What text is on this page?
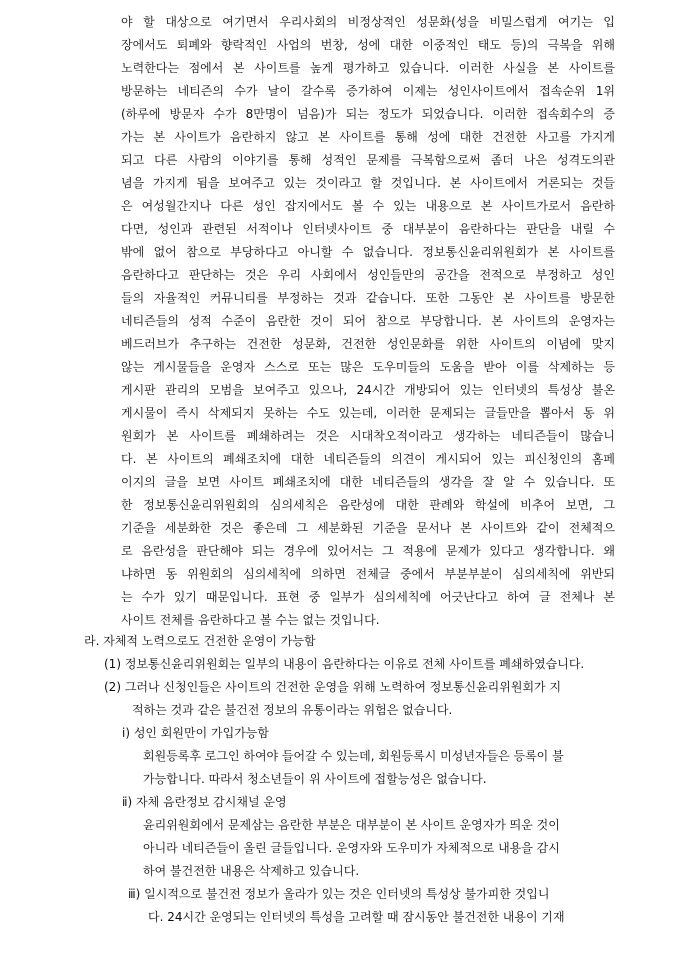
야 할 대상으로 여기면서 우리사회의 비정상적인 성문화(성을 비밀스럽게 여기는 입
장에서도 퇴폐와 향락적인 사업의 번창, 성에 대한 이중적인 태도 등)의 극복을 위해
노력한다는 점에서 본 사이트를 높게 평가하고 있습니다. 이러한 사실을 본 사이트를
방문하는 네티즌의 수가 날이 갈수록 증가하여 이제는 성인사이트에서 접속순위 1위
(하루에 방문자 수가 8만명이 넘음)가 되는 정도가 되었습니다. 이러한 접속회수의 증
가는 본 사이트가 음란하지 않고 본 사이트를 통해 성에 대한 건전한 사고를 가지게
되고 다른 사람의 이야기를 통해 성적인 문제를 극복함으로써 좀더 나은 성격도의관
념을 가지게 됨을 보여주고 있는 것이라고 할 것입니다. 본 사이트에서 거론되는 것들
은 여성월간지나 다른 성인 잡지에서도 볼 수 있는 내용으로 본 사이트가로서 음란하
다면, 성인과 관련된 서적이나 인터넷사이트 중 대부분이 음란하다는 판단을 내릴 수
밖에 없어 참으로 부당하다고 아니할 수 없습니다. 정보통신윤리위원회가 본 사이트를
음란하다고 판단하는 것은 우리 사회에서 성인들만의 공간을 전적으로 부정하고 성인
들의 자율적인 커뮤니티를 부정하는 것과 같습니다. 또한 그동안 본 사이트를 방문한
네티즌들의 성적 수준이 음란한 것이 되어 참으로 부당합니다. 본 사이트의 운영자는
베드러브가 추구하는 건전한 성문화, 건전한 성인문화를 위한 사이트의 이념에 맞지
않는 게시물들을 운영자 스스로 또는 많은 도우미들의 도움을 받아 이를 삭제하는 등
게시판 관리의 모범을 보여주고 있으나, 24시간 개방되어 있는 인터넷의 특성상 불온
게시물이 즉시 삭제되지 못하는 수도 있는데, 이러한 문제되는 글들만을 뽑아서 동 위
원회가 본 사이트를 폐쇄하려는 것은 시대착오적이라고 생각하는 네티즌들이 많습니
다. 본 사이트의 폐쇄조치에 대한 네티즌들의 의견이 게시되어 있는 피신청인의 홈페
이지의 글을 보면 사이트 폐쇄조치에 대한 네티즌들의 생각을 잘 알 수 있습니다. 또
한 정보통신윤리위원회의 심의세칙은 음란성에 대한 판례와 학설에 비추어 보면, 그
기준을 세분화한 것은 좋은데 그 세분화된 기준을 문서나 본 사이트와 같이 전체적으
로 음란성을 판단해야 되는 경우에 있어서는 그 적용에 문제가 있다고 생각합니다. 왜
냐하면 동 위원회의 심의세칙에 의하면 전체글 중에서 부분부분이 심의세칙에 위반되
는 수가 있기 때문입니다. 표현 중 일부가 심의세칙에 어긋난다고 하여 글 전체나 본
사이트 전체를 음란하다고 볼 수는 없는 것입니다.
라. 자체적 노력으로도 건전한 운영이 가능함
(1) 정보통신윤리위원회는 일부의 내용이 음란하다는 이유로 전체 사이트를 폐쇄하였습니다.
(2) 그러나 신청인들은 사이트의 건전한 운영을 위해 노력하여 정보통신윤리위원회가 지
적하는 것과 같은 불건전 정보의 유통이라는 위험은 없습니다.
ⅰ) 성인 회원만이 가입가능함
회원등록후 로그인 하여야 들어갈 수 있는데, 회원등록시 미성년자들은 등록이 불
가능합니다. 따라서 청소년들이 위 사이트에 접할능성은 없습니다.
ⅱ) 자체 음란정보 감시채널 운영
윤리위원회에서 문제삼는 음란한 부분은 대부분이 본 사이트 운영자가 띄운 것이
아니라 네티즌들이 올린 글들입니다. 운영자와 도우미가 자체적으로 내용을 감시
하여 불건전한 내용은 삭제하고 있습니다.
ⅲ) 일시적으로 불건전 정보가 올라가 있는 것은 인터넷의 특성상 불가피한 것입니
다. 24시간 운영되는 인터넷의 특성을 고려할 때 잠시동안 불건전한 내용이 기재
